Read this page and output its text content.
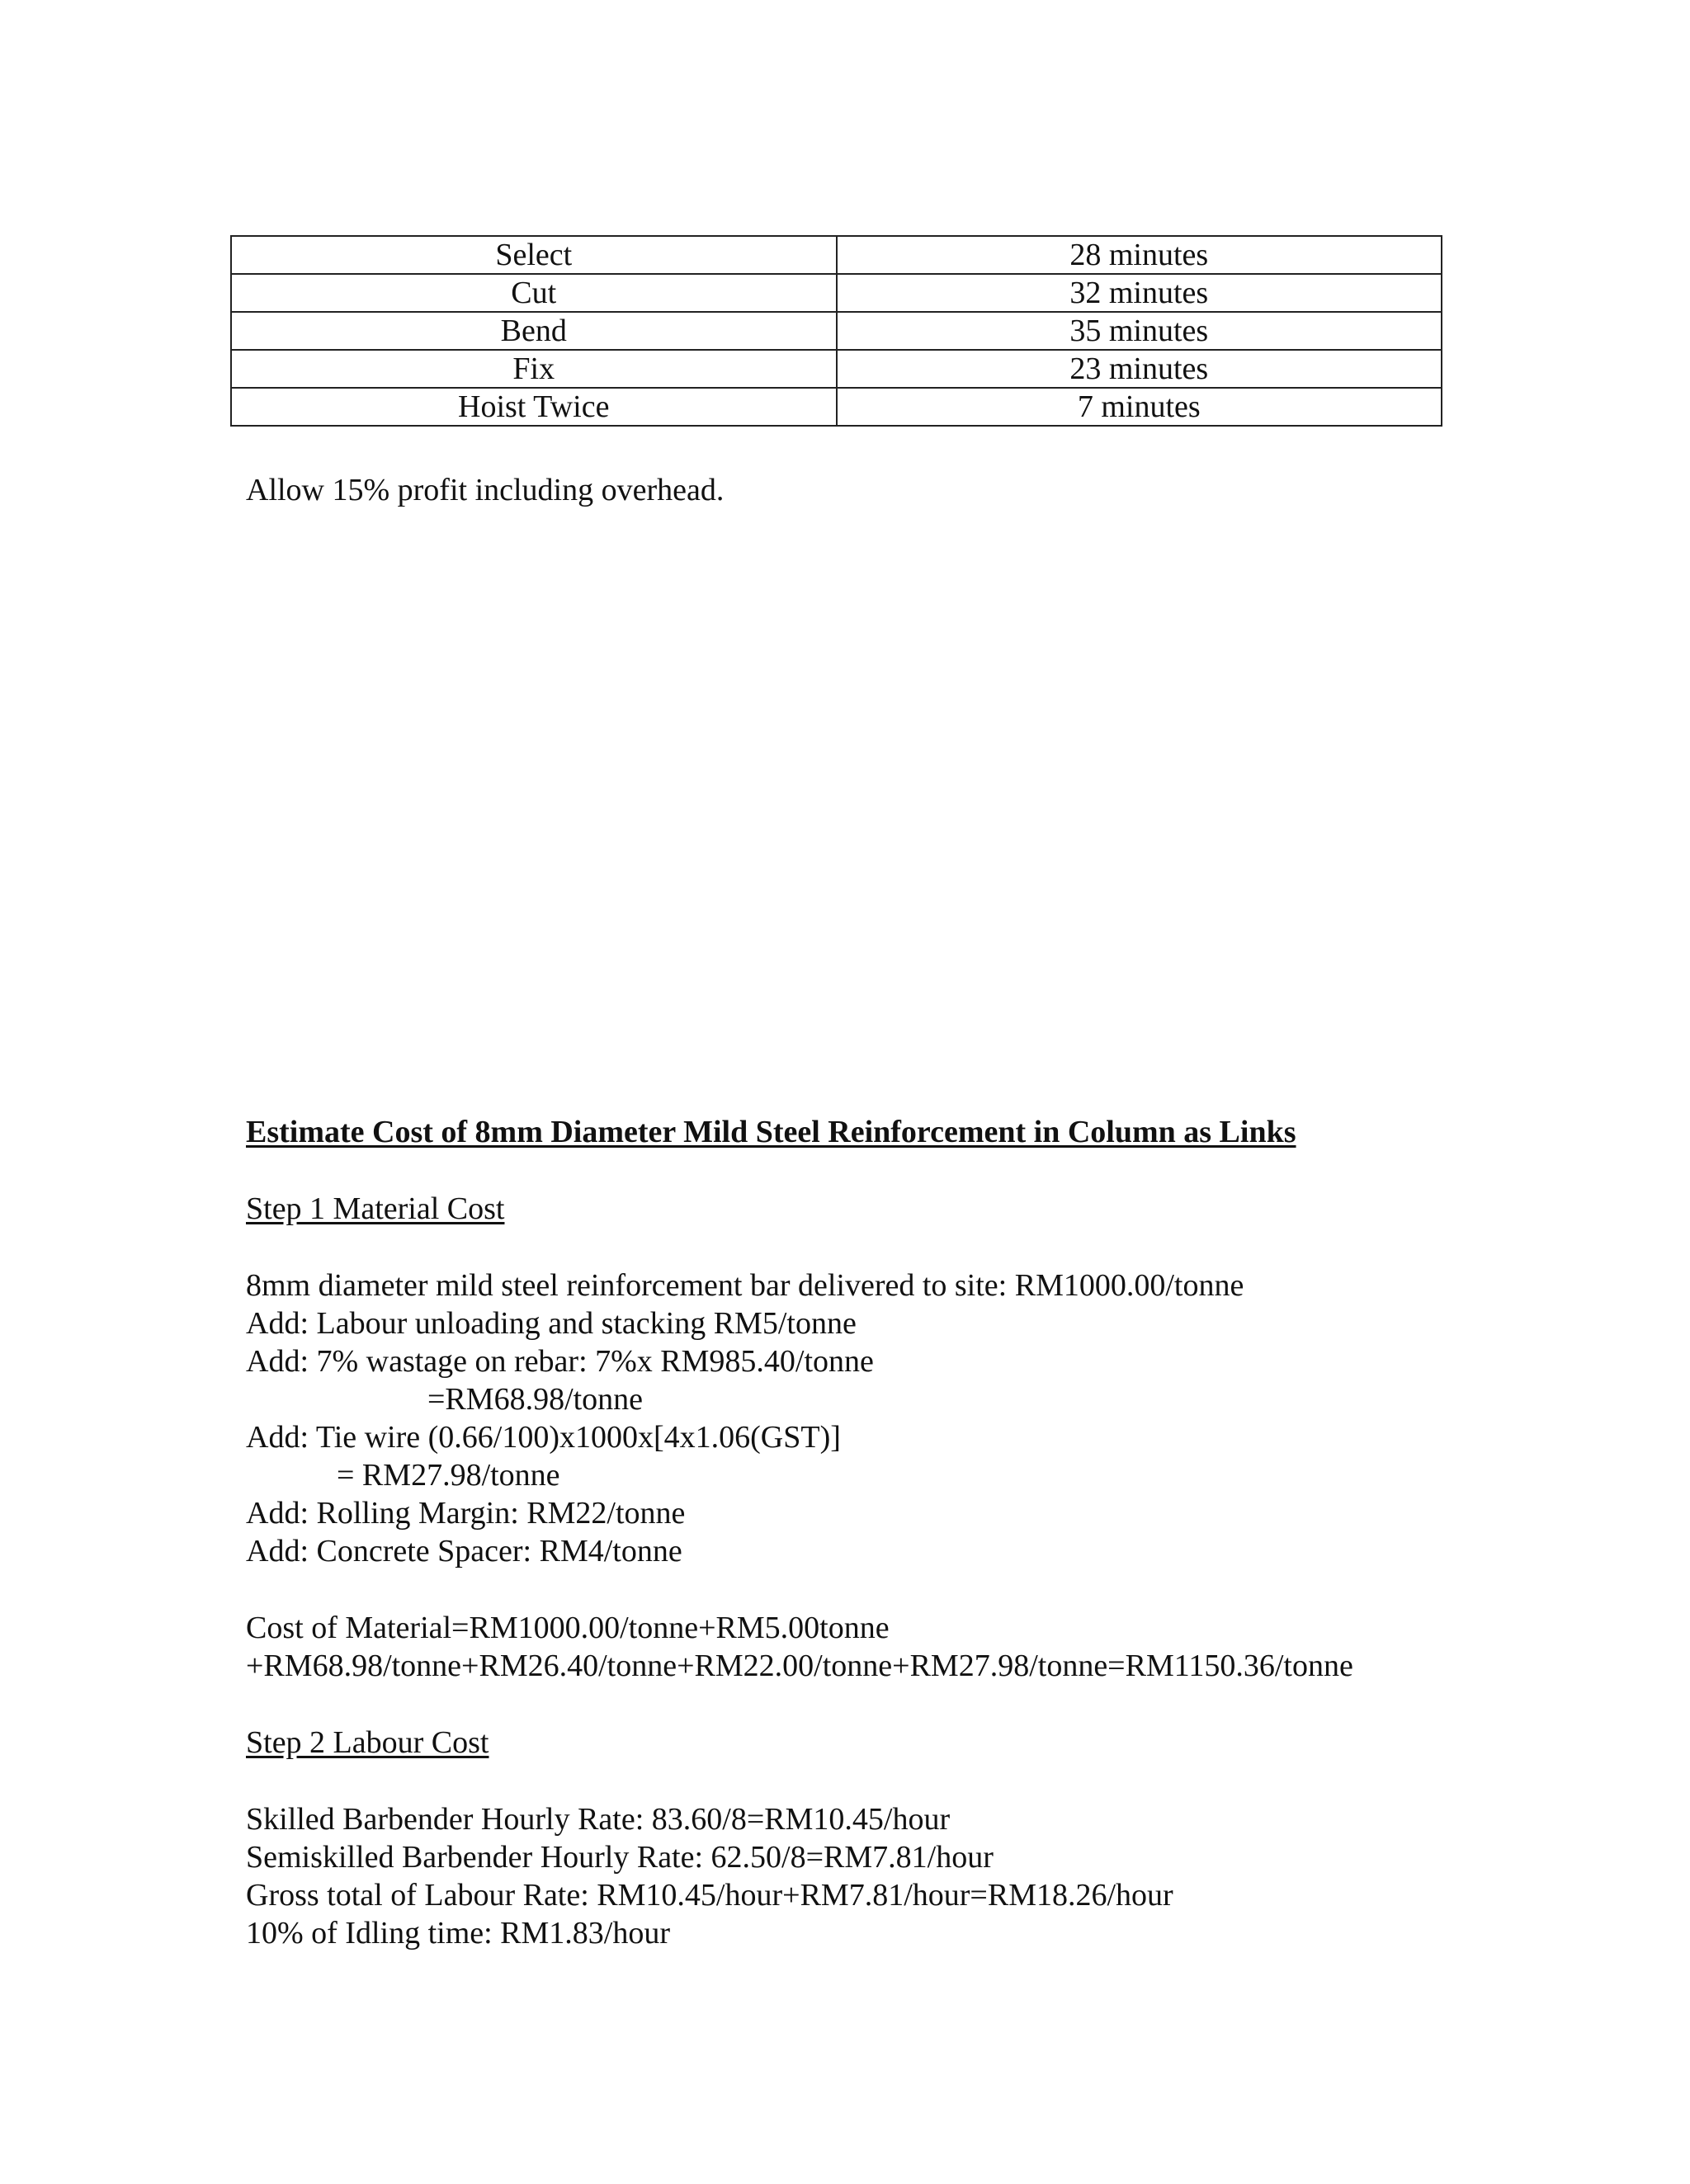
Select	28 minutes
Cut	32 minutes
Bend	35 minutes
Fix	23 minutes
Hoist Twice	7 minutes

Allow 15% profit including overhead.

Estimate Cost of 8mm Diameter Mild Steel Reinforcement in Column as Links

Step 1 Material Cost

8mm diameter mild steel reinforcement bar delivered to site: RM1000.00/tonne

Add: Labour unloading and stacking RM5/tonne

Add: 7% wastage on rebar: 7%x RM985.40/tonne

=RM68.98/tonne

Add: Tie wire (0.66/100)x1000x[4x1.06(GST)]

= RM27.98/tonne

Add: Rolling Margin: RM22/tonne

Add: Concrete Spacer: RM4/tonne

Cost of Material=RM1000.00/tonne+RM5.00tonne

+RM68.98/tonne+RM26.40/tonne+RM22.00/tonne+RM27.98/tonne=RM1150.36/tonne

Step 2 Labour Cost

Skilled Barbender Hourly Rate: 83.60/8=RM10.45/hour

Semiskilled Barbender Hourly Rate: 62.50/8=RM7.81/hour

Gross total of Labour Rate: RM10.45/hour+RM7.81/hour=RM18.26/hour

10% of Idling time: RM1.83/hour
